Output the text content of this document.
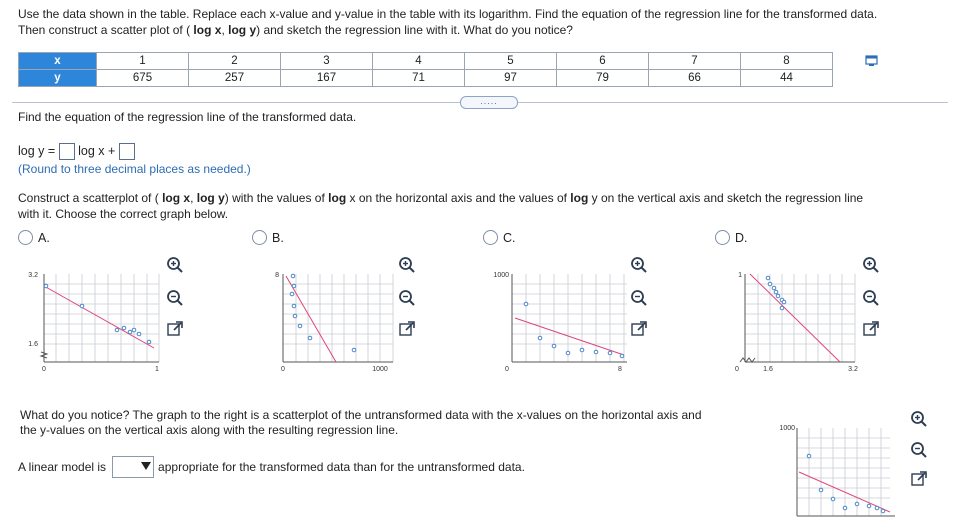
Use the data shown in the table. Replace each x-value and y-value in the table with its logarithm. Find the equation of the regression line for the transformed data.
Then construct a scatter plot of ( log x, log y) and sketch the regression line with it. What do you notice?
x	1	2	3	4	5	6	7	8
y	675	257	167	71	97	79	66	44
.....
Find the equation of the regression line of the transformed data.
log y = log x +
(Round to three decimal places as needed.)
Construct a scatterplot of ( log x, log y) with the values of log x on the horizontal axis and the values of log y on the vertical axis and sketch the regression line
with it. Choose the correct graph below.
A.	B.	C.	D.
3.2
1.6
0	1
8
0	1000
1000
0	8
1
0	1.6	3.2

What do you notice? The graph to the right is a scatterplot of the untransformed data with the x-values on the horizontal axis and
A linear model is	appropriate for the transformed data than for the untransformed data.
1000

the y-values on the vertical axis along with the resulting regression line.
